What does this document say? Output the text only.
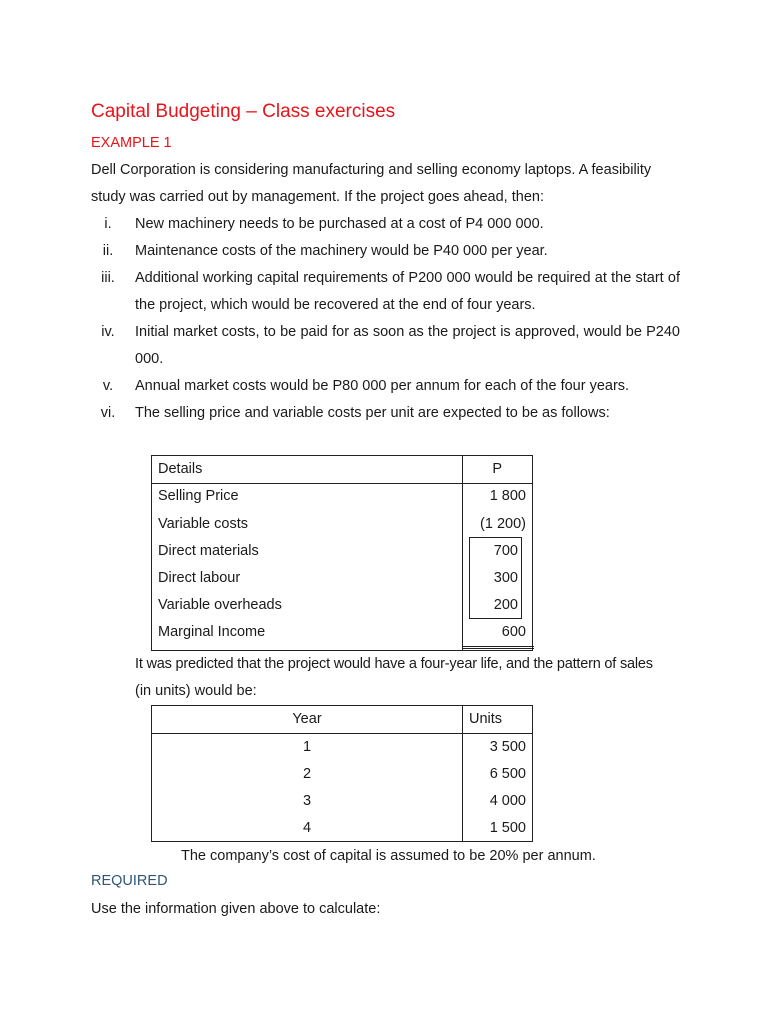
Capital Budgeting – Class exercises
EXAMPLE 1
Dell Corporation is considering manufacturing and selling economy laptops. A feasibility
study was carried out by management. If the project goes ahead, then:
i.	New machinery needs to be purchased at a cost of P4 000 000.
ii.	Maintenance costs of the machinery would be P40 000 per year.
iii.	Additional working capital requirements of P200 000 would be required at the start of the project, which would be recovered at the end of four years.
iv.	Initial market costs, to be paid for as soon as the project is approved, would be P240 000.
v.	Annual market costs would be P80 000 per annum for each of the four years.
vi.	The selling price and variable costs per unit are expected to be as follows:
Details	P
Selling Price	1 800
Variable costs	(1 200)
Direct materials	700
Direct labour	300
Variable overheads	200
Marginal Income	600
It was predicted that the project would have a four-year life, and the pattern of sales
(in units) would be:
Year	Units
1	3 500
2	6 500
3	4 000
4	1 500
The company’s cost of capital is assumed to be 20% per annum.
REQUIRED
Use the information given above to calculate:
